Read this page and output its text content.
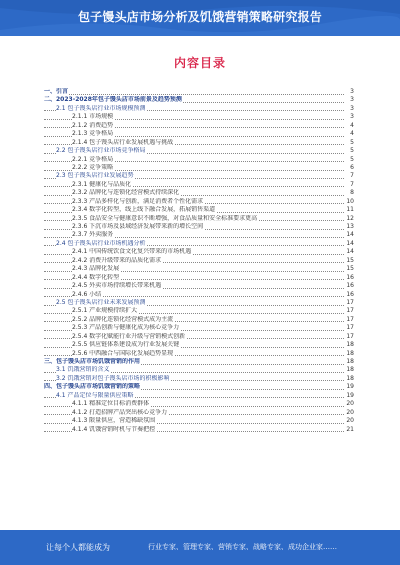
包子馒头店市场分析及饥饿营销策略研究报告
内容目录
一、引言	3
二、2023-2028年包子馒头店市场前景及趋势预测	3
2.1 包子馒头店行业市场规模预测	3
2.1.1 市场规模	3
2.1.2 消费趋势	4
2.1.3 竞争格局	4
2.1.4 包子馒头店行业发展机遇与挑战	5
2.2 包子馒头店行业市场竞争格局	5
2.2.1 竞争格局	5
2.2.2 竞争策略	6
2.3 包子馒头店行业发展趋势	7
2.3.1 健康化与品质化	7
2.3.2 品牌化与连锁化经营模式持续深化	8
2.3.3 产品多样化与创新，满足消费者个性化需求	10
2.3.4 数字化转型，线上线下融合发展，拓展销售渠道	11
2.3.5 食品安全与健康意识不断增强，对食品质量和安全标准要求更高	12
2.3.6 下沉市场及县域经济发展带来新的增长空间	13
2.3.7 外卖服务	14
2.4 包子馒头店行业市场机遇分析	14
2.4.1 中国传统饮食文化复兴带来的市场机遇	14
2.4.2 消费升级带来的品质化需求	15
2.4.3 品牌化发展	15
2.4.4 数字化转型	16
2.4.5 外卖市场持续增长带来机遇	16
2.4.6 小结	16
2.5 包子馒头店行业未来发展预测	17
2.5.1 产业规模持续扩大	17
2.5.2 品牌化连锁化经营模式成为主流	17
2.5.3 产品创新与健康化成为核心竞争力	17
2.5.4 数字化赋能行业升级与营销模式创新	17
2.5.5 供应链体系建设成为行业发展关键	18
2.5.6 中西融合与国际化发展趋势显现	18
三、包子馒头店市场饥饿营销的作用	18
3.1 饥饿营销的含义	18
3.2 饥饿营销对包子馒头店市场的积极影响	18
四、包子馒头店市场饥饿营销的策略	19
4.1 产品定位与限量供应策略	19
4.1.1 精准定位目标消费群体	20
4.1.2 打造招牌产品突出核心竞争力	20
4.1.3 限量供应，营造稀缺氛围	20
4.1.4 饥饿营销时机与节奏把控	21
让每个人都能成为	行业专家、管理专家、营销专家、战略专家、成功企业家……
